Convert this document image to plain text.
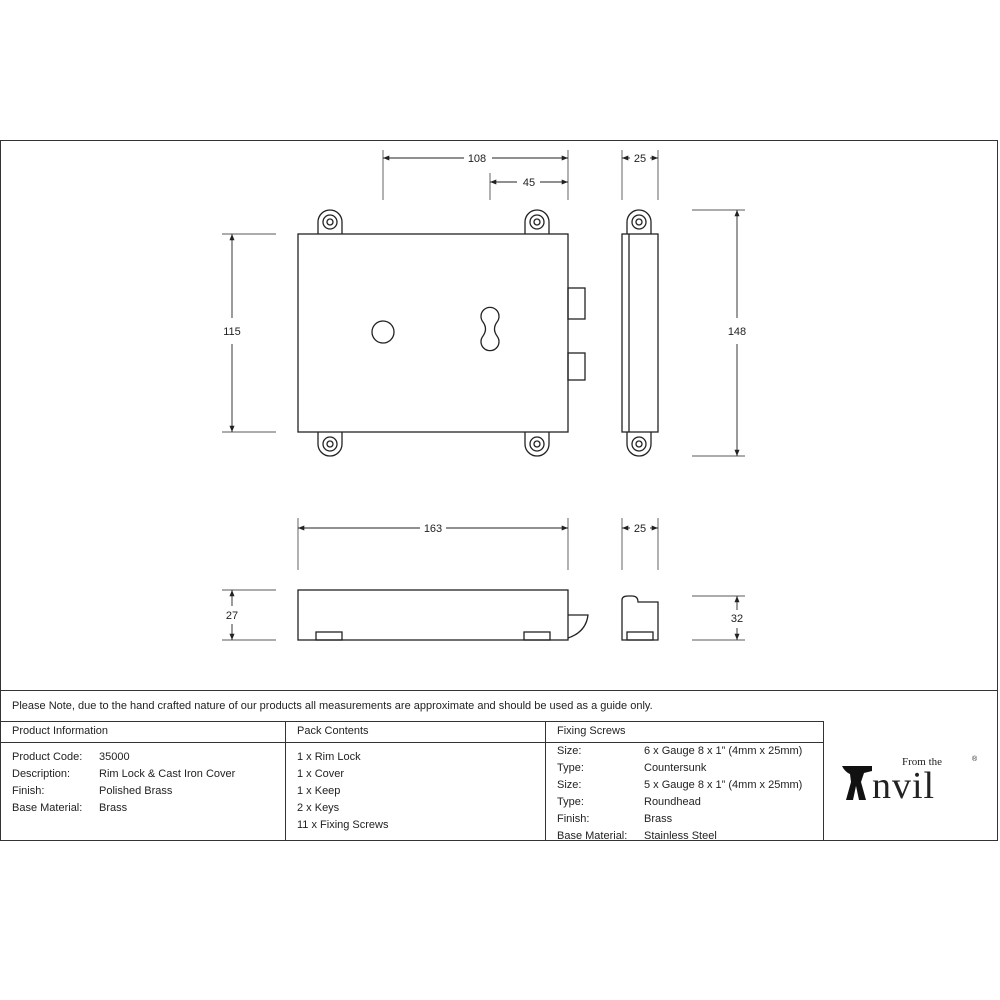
108
45
25
115	148
163	25
27	32
Please Note, due to the hand crafted nature of our products all measurements are approximate and should be used as a guide only.
Product Information
Product Code: 35000
Description:	Rim Lock & Cast Iron Cover
Finish:	Polished Brass
Base Material: Brass
Pack Contents
1 x Rim Lock
1 x Cover
1 x Keep
2 x Keys
11 x Fixing Screws
Fixing Screws
Size:	6 x Gauge 8 x 1” (4mm x 25mm)
Type:	Countersunk
Size:	5 x Gauge 8 x 1” (4mm x 25mm)
Type:	Roundhead
Finish:	Brass
Base Material: Stainless Steel
From the
nvil
®
